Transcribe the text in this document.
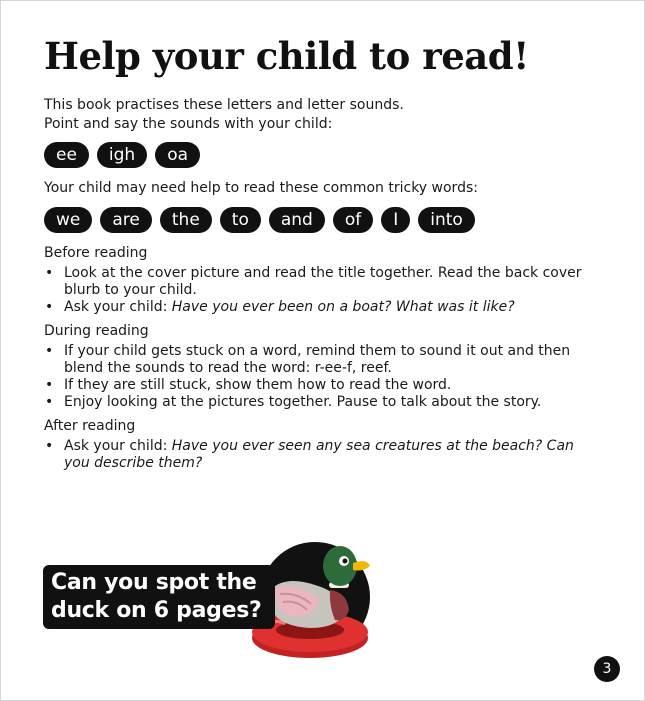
Help your child to read!
This book practises these letters and letter sounds.
Point and say the sounds with your child:
ee	igh	oa
Your child may need help to read these common tricky words:
we	are	the	to	and	of	I	into
Before reading
• Look at the cover picture and read the title together. Read the back cover blurb to your child.
• Ask your child: Have you ever been on a boat? What was it like?
During reading
• If your child gets stuck on a word, remind them to sound it out and then blend the sounds to read the word: r-ee-f, reef.
• If they are still stuck, show them how to read the word.
• Enjoy looking at the pictures together. Pause to talk about the story.
After reading
• Ask your child: Have you ever seen any sea creatures at the beach? Can you describe them?
Can you spot the
duck on 6 pages?
3
